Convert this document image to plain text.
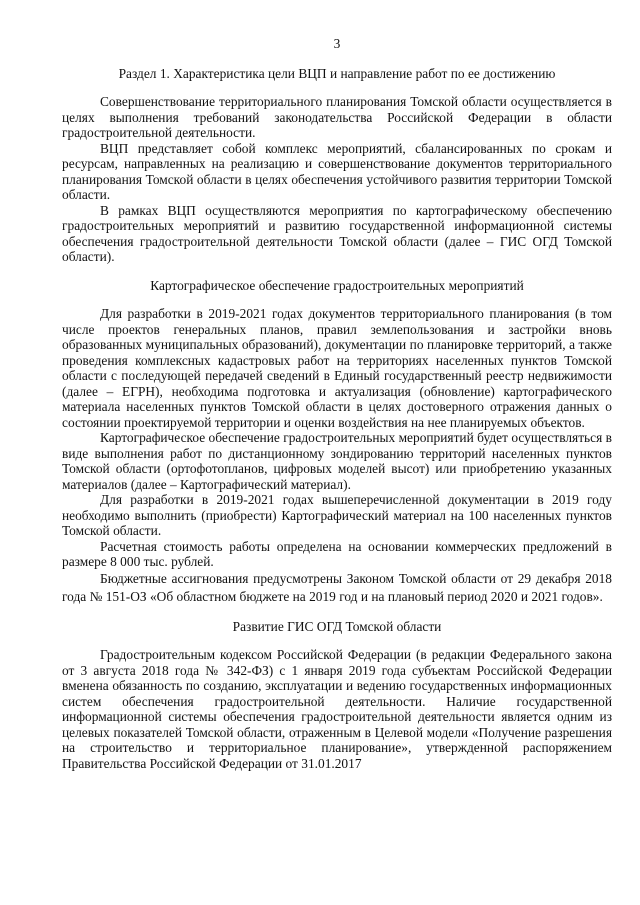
3
Раздел 1. Характеристика цели ВЦП и направление работ по ее достижению

Совершенствование территориального планирования Томской области осуществляется в целях выполнения требований законодательства Российской Федерации в области градостроительной деятельности.

ВЦП представляет собой комплекс мероприятий, сбалансированных по срокам и ресурсам, направленных на реализацию и совершенствование документов территориального планирования Томской области в целях обеспечения устойчивого развития территории Томской области.

В рамках ВЦП осуществляются мероприятия по картографическому обеспечению градостроительных мероприятий и развитию государственной информационной системы обеспечения градостроительной деятельности Томской области (далее – ГИС ОГД Томской области).

Картографическое обеспечение градостроительных мероприятий

Для разработки в 2019-2021 годах документов территориального планирования (в том числе проектов генеральных планов, правил землепользования и застройки вновь образованных муниципальных образований), документации по планировке территорий, а также проведения комплексных кадастровых работ на территориях населенных пунктов Томской области с последующей передачей сведений в Единый государственный реестр недвижимости (далее – ЕГРН), необходима подготовка и актуализация (обновление) картографического материала населенных пунктов Томской области в целях достоверного отражения данных о состоянии проектируемой территории и оценки воздействия на нее планируемых объектов.

Картографическое обеспечение градостроительных мероприятий будет осуществляться в виде выполнения работ по дистанционному зондированию территорий населенных пунктов Томской области (ортофотопланов, цифровых моделей высот) или приобретению указанных материалов (далее – Картографический материал).

Для разработки в 2019-2021 годах вышеперечисленной документации в 2019 году необходимо выполнить (приобрести) Картографический материал на 100 населенных пунктов Томской области.

Расчетная стоимость работы определена на основании коммерческих предложений в размере 8 000 тыс. рублей.

Бюджетные ассигнования предусмотрены Законом Томской области от 29 декабря 2018 года № 151-ОЗ «Об областном бюджете на 2019 год и на плановый период 2020 и 2021 годов».

Развитие ГИС ОГД Томской области

Градостроительным кодексом Российской Федерации (в редакции Федерального закона от 3 августа 2018 года № 342-ФЗ) с 1 января 2019 года субъектам Российской Федерации вменена обязанность по созданию, эксплуатации и ведению государственных информационных систем обеспечения градостроительной деятельности. Наличие государственной информационной системы обеспечения градостроительной деятельности является одним из целевых показателей Томской области, отраженным в Целевой модели «Получение разрешения на строительство и территориальное планирование», утвержденной распоряжением Правительства Российской Федерации от 31.01.2017
